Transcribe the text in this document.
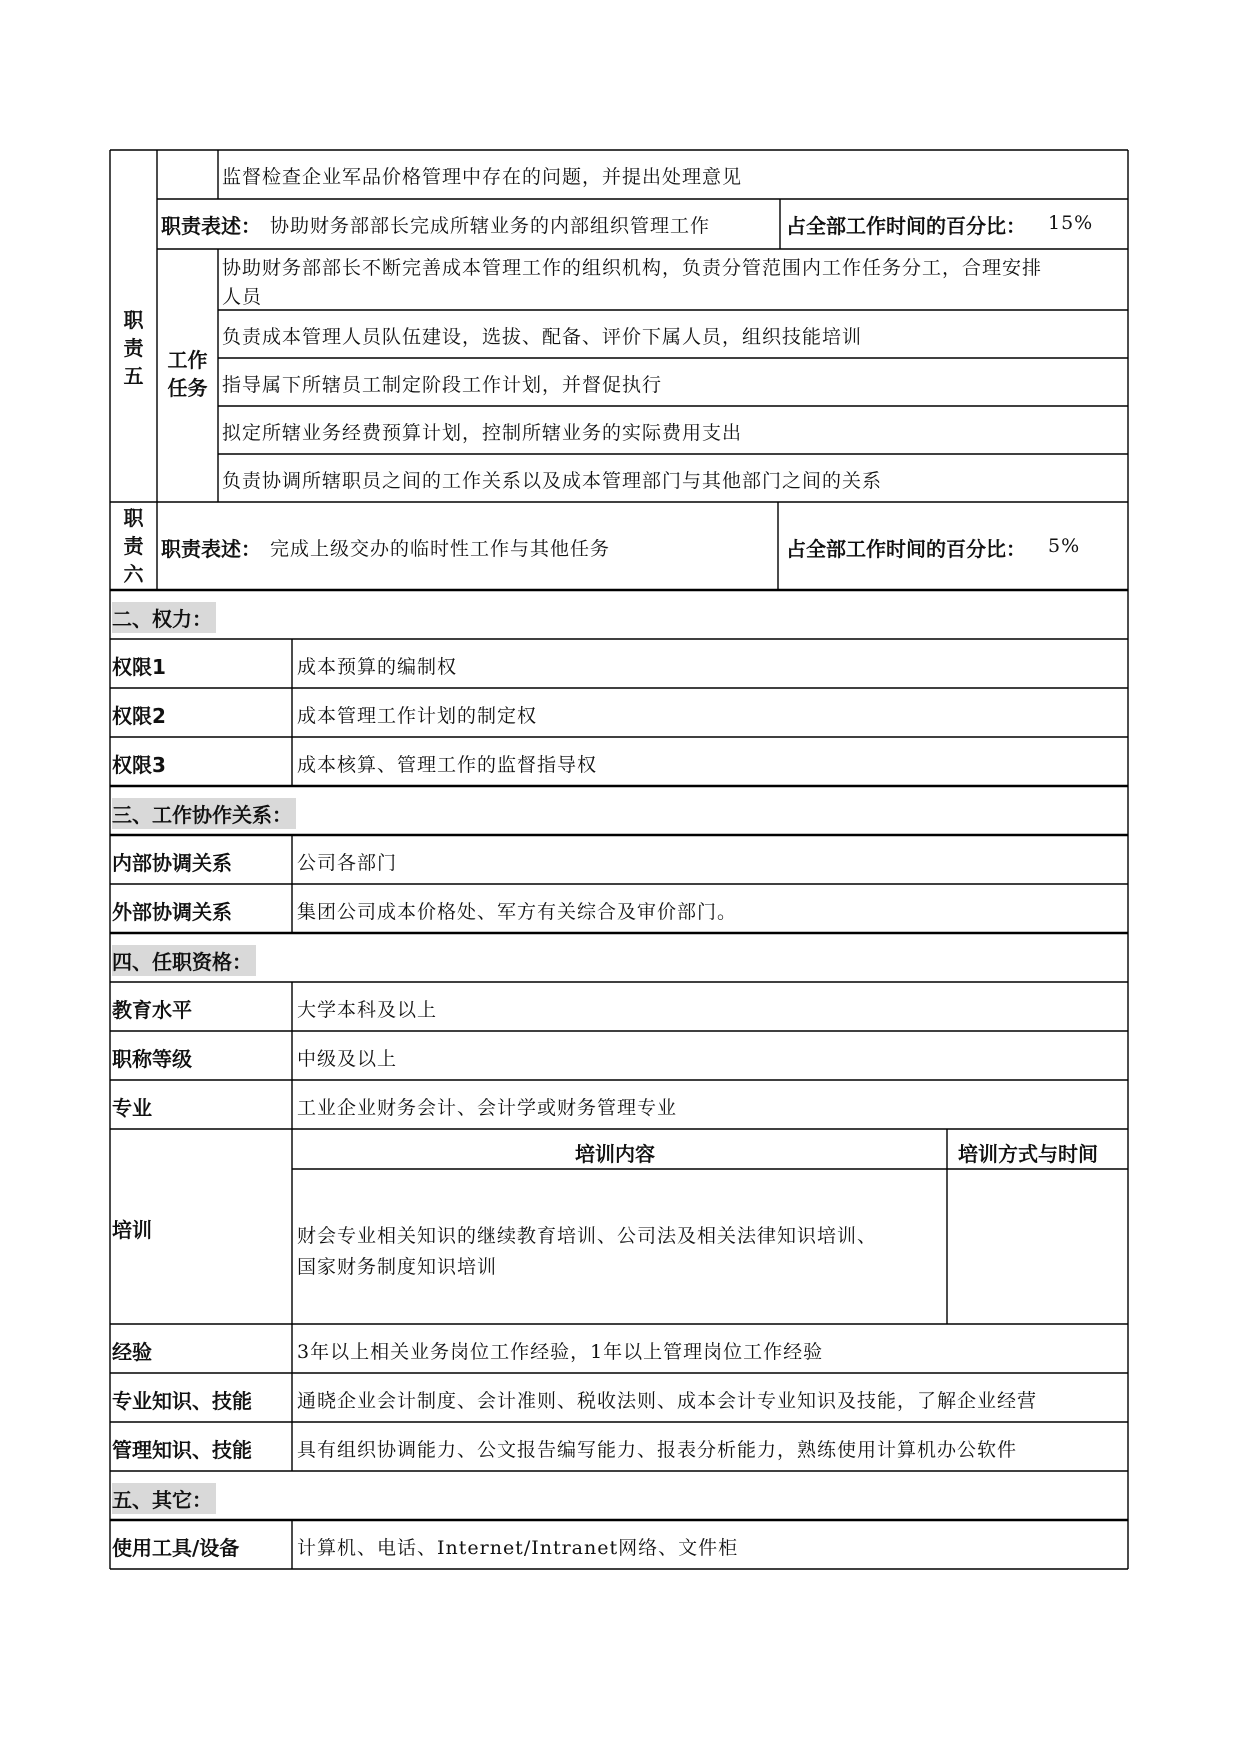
监督检查企业军品价格管理中存在的问题，并提出处理意见
职
责
五
职责表述： 协助财务部部长完成所辖业务的内部组织管理工作	占全部工作时间的百分比： 15%
工作
任务
协助财务部部长不断完善成本管理工作的组织机构，负责分管范围内工作任务分工，合理安排
人员
负责成本管理人员队伍建设，选拔、配备、评价下属人员，组织技能培训
指导属下所辖员工制定阶段工作计划，并督促执行
拟定所辖业务经费预算计划，控制所辖业务的实际费用支出
负责协调所辖职员之间的工作关系以及成本管理部门与其他部门之间的关系
职
责
六
职责表述： 完成上级交办的临时性工作与其他任务	占全部工作时间的百分比： 5%
二、权力：
权限1	成本预算的编制权
权限2	成本管理工作计划的制定权
权限3	成本核算、管理工作的监督指导权
三、工作协作关系：
内部协调关系	公司各部门
外部协调关系	集团公司成本价格处、军方有关综合及审价部门。
四、任职资格：
教育水平	大学本科及以上
职称等级	中级及以上
专业	工业企业财务会计、会计学或财务管理专业
培训
培训内容	培训方式与时间
财会专业相关知识的继续教育培训、公司法及相关法律知识培训、
国家财务制度知识培训
经验	3年以上相关业务岗位工作经验，1年以上管理岗位工作经验
专业知识、技能 通晓企业会计制度、会计准则、税收法则、成本会计专业知识及技能，了解企业经营
管理知识、技能 具有组织协调能力、公文报告编写能力、报表分析能力，熟练使用计算机办公软件
五、其它：
使用工具/设备	计算机、电话、Internet/Intranet网络、文件柜
